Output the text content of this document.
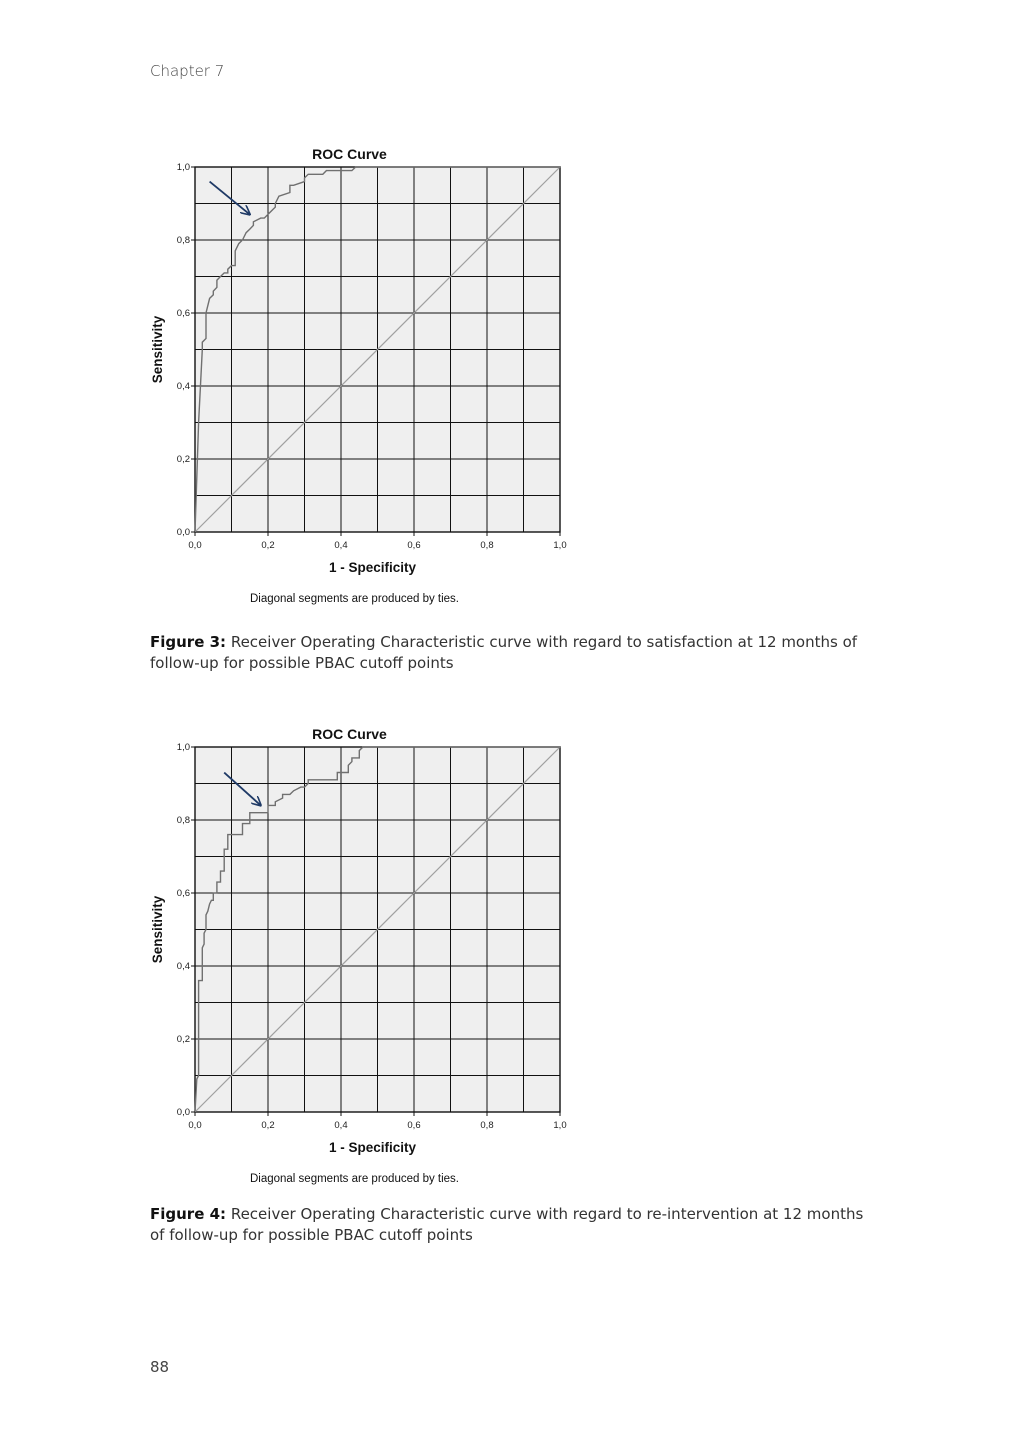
Chapter 7
0,0	0,2	0,4	0,6	0,8	1,0
0,0
0,2
0,4
0,6
0,8
1,0
ROC Curve
1 - Specificity
Sensitivity
Diagonal segments are produced by ties.
Figure 3: Receiver Operating Characteristic curve with regard to satisfaction at 12 months of follow-up for possible PBAC cutoff points
0,0	0,2	0,4	0,6	0,8	1,0
0,0
0,2
0,4
0,6
0,8
1,0
ROC Curve
1 - Specificity
Sensitivity
Diagonal segments are produced by ties.
Figure 4: Receiver Operating Characteristic curve with regard to re-intervention at 12 months of follow-up for possible PBAC cutoff points
88
